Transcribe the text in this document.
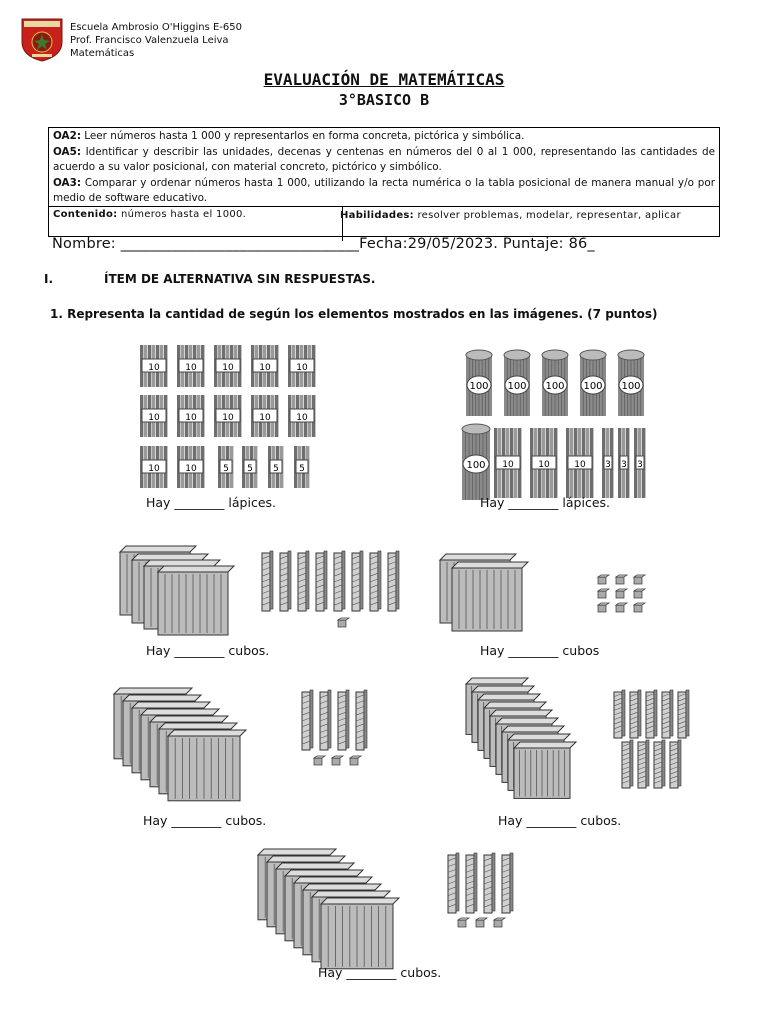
10	10	10	10	10
10	10	10	10	10
10	10	5 5 5 5
100 100 100 100 100
100 10	10	10 3 3 3
Escuela Ambrosio O'Higgins E-650
Prof. Francisco Valenzuela Leiva
Matemáticas
EVALUACIÓN DE MATEMÁTICAS
3°BASICO B
OA2: Leer números hasta 1 000 y representarlos en forma concreta, pictórica y simbólica.
OA5: Identificar y describir las unidades, decenas y centenas en números del 0 al 1 000, representando las cantidades de acuerdo a su valor posicional, con material concreto, pictórico y simbólico.
OA3: Comparar y ordenar números hasta 1 000, utilizando la recta numérica o la tabla posicional de manera manual y/o por medio de software educativo.
Contenido: números hasta el 1000.	Habilidades: resolver problemas, modelar, representar, aplicar
Nombre: ________________________________Fecha:29/05/2023. Puntaje: 86_
I.	ÍTEM DE ALTERNATIVA SIN RESPUESTAS.
1. Representa la cantidad de según los elementos mostrados en las imágenes. (7 puntos)
Hay ________ lápices.	Hay ________ lápices.
Hay ________ cubos.	Hay ________ cubos
Hay ________ cubos.	Hay ________ cubos.
Hay ________ cubos.
